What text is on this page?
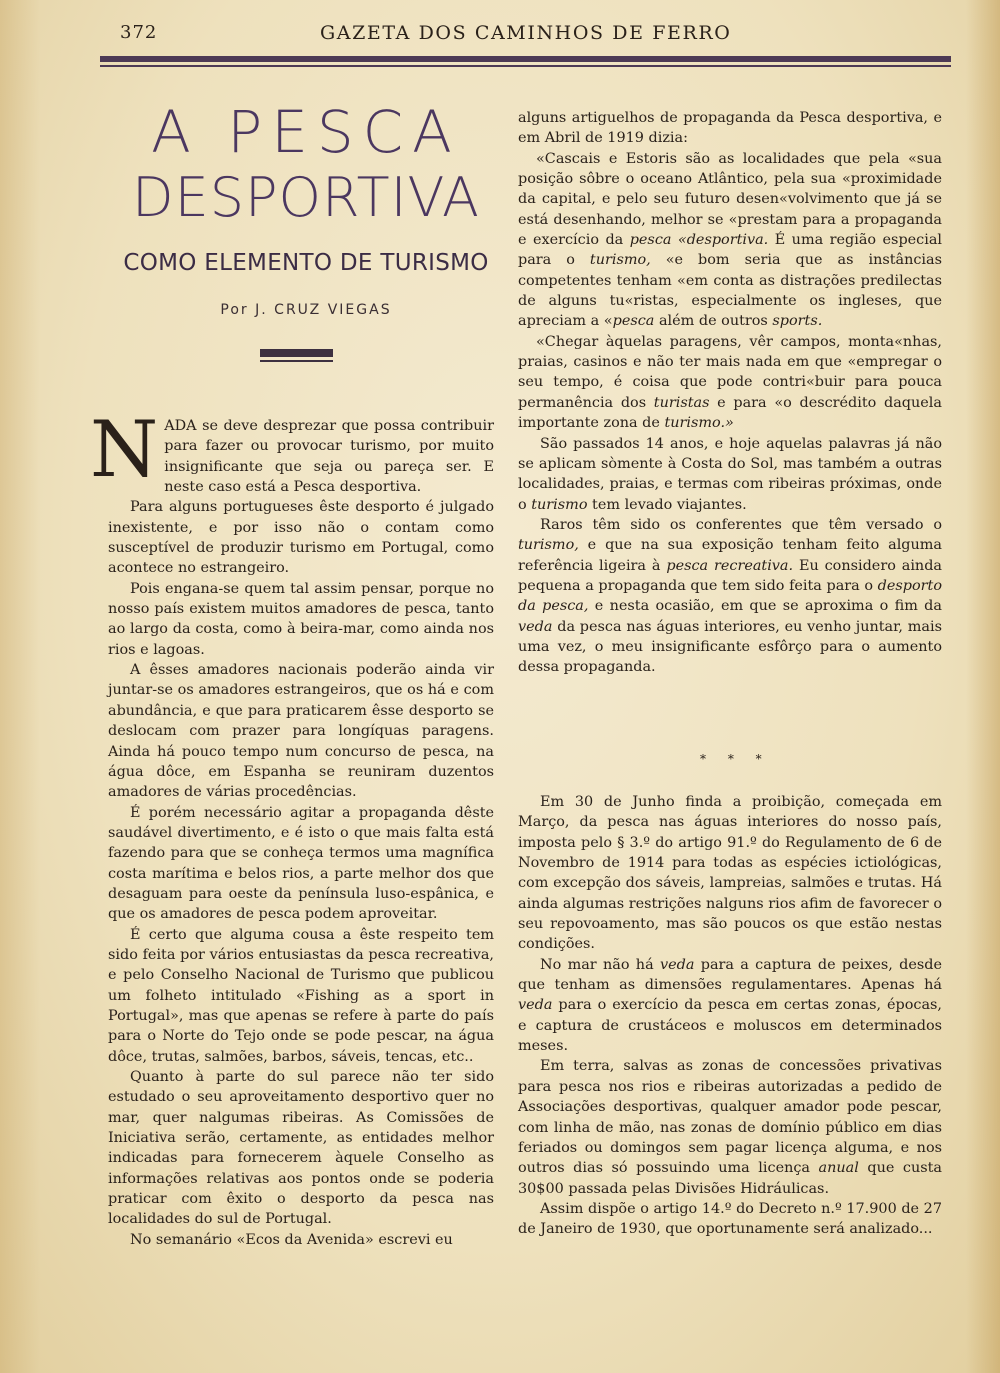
372	GAZETA DOS CAMINHOS DE FERRO
A PESCA
DESPORTIVA
COMO ELEMENTO DE TURISMO
Por J. CRUZ VIEGAS

NADA se deve desprezar que possa contribuir para fazer ou provocar turismo, por muito insignificante que seja ou pareça ser. E neste caso está a Pesca desportiva.

Para alguns portugueses êste desporto é julgado inexistente, e por isso não o contam como susceptível de produzir turismo em Portugal, como acontece no estrangeiro.

Pois engana-se quem tal assim pensar, porque no nosso país existem muitos amadores de pesca, tanto ao largo da costa, como à beira-mar, como ainda nos rios e lagoas.

A êsses amadores nacionais poderão ainda vir juntar-se os amadores estrangeiros, que os há e com abundância, e que para praticarem êsse desporto se deslocam com prazer para longíquas paragens. Ainda há pouco tempo num concurso de pesca, na água dôce, em Espanha se reuniram duzentos amadores de várias procedências.

É porém necessário agitar a propaganda dêste saudável divertimento, e é isto o que mais falta está fazendo para que se conheça termos uma magnífica costa marítima e belos rios, a parte melhor dos que desaguam para oeste da península luso-espânica, e que os amadores de pesca podem aproveitar.

É certo que alguma cousa a êste respeito tem sido feita por vários entusiastas da pesca recreativa, e pelo Conselho Nacional de Turismo que publicou um folheto intitulado «Fishing as a sport in Portugal», mas que apenas se refere à parte do país para o Norte do Tejo onde se pode pescar, na água dôce, trutas, salmões, barbos, sáveis, tencas, etc..

Quanto à parte do sul parece não ter sido estudado o seu aproveitamento desportivo quer no mar, quer nalgumas ribeiras. As Comissões de Iniciativa serão, certamente, as entidades melhor indicadas para fornecerem àquele Conselho as informações relativas aos pontos onde se poderia praticar com êxito o desporto da pesca nas localidades do sul de Portugal.

No semanário «Ecos da Avenida» escrevi eu

alguns artiguelhos de propaganda da Pesca desportiva, e em Abril de 1919 dizia:

«Cascais e Estoris são as localidades que pela «sua posição sôbre o oceano Atlântico, pela sua «proximidade da capital, e pelo seu futuro desen«volvimento que já se está desenhando, melhor se «prestam para a propaganda e exercício da pesca «desportiva. É uma região especial para o turismo, «e bom seria que as instâncias competentes tenham «em conta as distrações predilectas de alguns tu«ristas, especialmente os ingleses, que apreciam a «pesca além de outros sports.

«Chegar àquelas paragens, vêr campos, monta«nhas, praias, casinos e não ter mais nada em que «empregar o seu tempo, é coisa que pode contri«buir para pouca permanência dos turistas e para «o descrédito daquela importante zona de turismo.»

São passados 14 anos, e hoje aquelas palavras já não se aplicam sòmente à Costa do Sol, mas também a outras localidades, praias, e termas com ribeiras próximas, onde o turismo tem levado viajantes.

Raros têm sido os conferentes que têm versado o turismo, e que na sua exposição tenham feito alguma referência ligeira à pesca recreativa. Eu considero ainda pequena a propaganda que tem sido feita para o desporto da pesca, e nesta ocasião, em que se aproxima o fim da veda da pesca nas águas interiores, eu venho juntar, mais uma vez, o meu insignificante esfôrço para o aumento dessa propaganda.

* * *

Em 30 de Junho finda a proibição, começada em Março, da pesca nas águas interiores do nosso país, imposta pelo § 3.º do artigo 91.º do Regulamento de 6 de Novembro de 1914 para todas as espécies ictiológicas, com excepção dos sáveis, lampreias, salmões e trutas. Há ainda algumas restrições nalguns rios afim de favorecer o seu repovoamento, mas são poucos os que estão nestas condições.

No mar não há veda para a captura de peixes, desde que tenham as dimensões regulamentares. Apenas há veda para o exercício da pesca em certas zonas, épocas, e captura de crustáceos e moluscos em determinados meses.

Em terra, salvas as zonas de concessões privativas para pesca nos rios e ribeiras autorizadas a pedido de Associações desportivas, qualquer amador pode pescar, com linha de mão, nas zonas de domínio público em dias feriados ou domingos sem pagar licença alguma, e nos outros dias só possuindo uma licença anual que custa 30$00 passada pelas Divisões Hidráulicas.

Assim dispõe o artigo 14.º do Decreto n.º 17.900 de 27 de Janeiro de 1930, que oportunamente será analizado...
